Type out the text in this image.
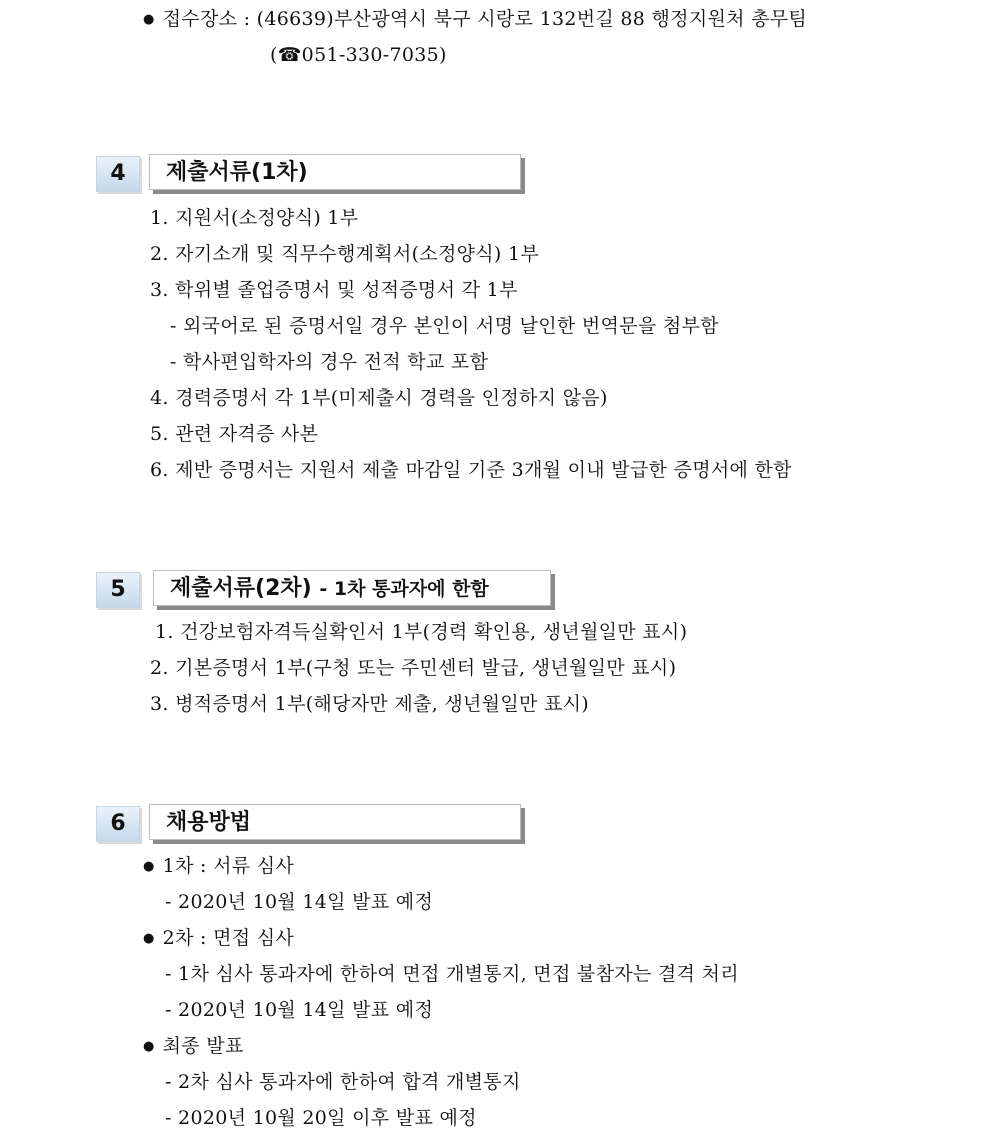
● 접수장소 : (46639)부산광역시 북구 시랑로 132번길 88 행정지원처 총무팀
(☎051-330-7035)
4	제출서류(1차)
1. 지원서(소정양식) 1부
2. 자기소개 및 직무수행계획서(소정양식) 1부
3. 학위별 졸업증명서 및 성적증명서 각 1부
- 외국어로 된 증명서일 경우 본인이 서명 날인한 번역문을 첨부함
- 학사편입학자의 경우 전적 학교 포함
4. 경력증명서 각 1부(미제출시 경력을 인정하지 않음)
5. 관련 자격증 사본
6. 제반 증명서는 지원서 제출 마감일 기준 3개월 이내 발급한 증명서에 한함
5	제출서류(2차) - 1차 통과자에 한함
1. 건강보험자격득실확인서 1부(경력 확인용, 생년월일만 표시)
2. 기본증명서 1부(구청 또는 주민센터 발급, 생년월일만 표시)
3. 병적증명서 1부(해당자만 제출, 생년월일만 표시)
6	채용방법
● 1차 : 서류 심사
- 2020년 10월 14일 발표 예정
● 2차 : 면접 심사
- 1차 심사 통과자에 한하여 면접 개별통지, 면접 불참자는 결격 처리
- 2020년 10월 14일 발표 예정
● 최종 발표
- 2차 심사 통과자에 한하여 합격 개별통지
- 2020년 10월 20일 이후 발표 예정
